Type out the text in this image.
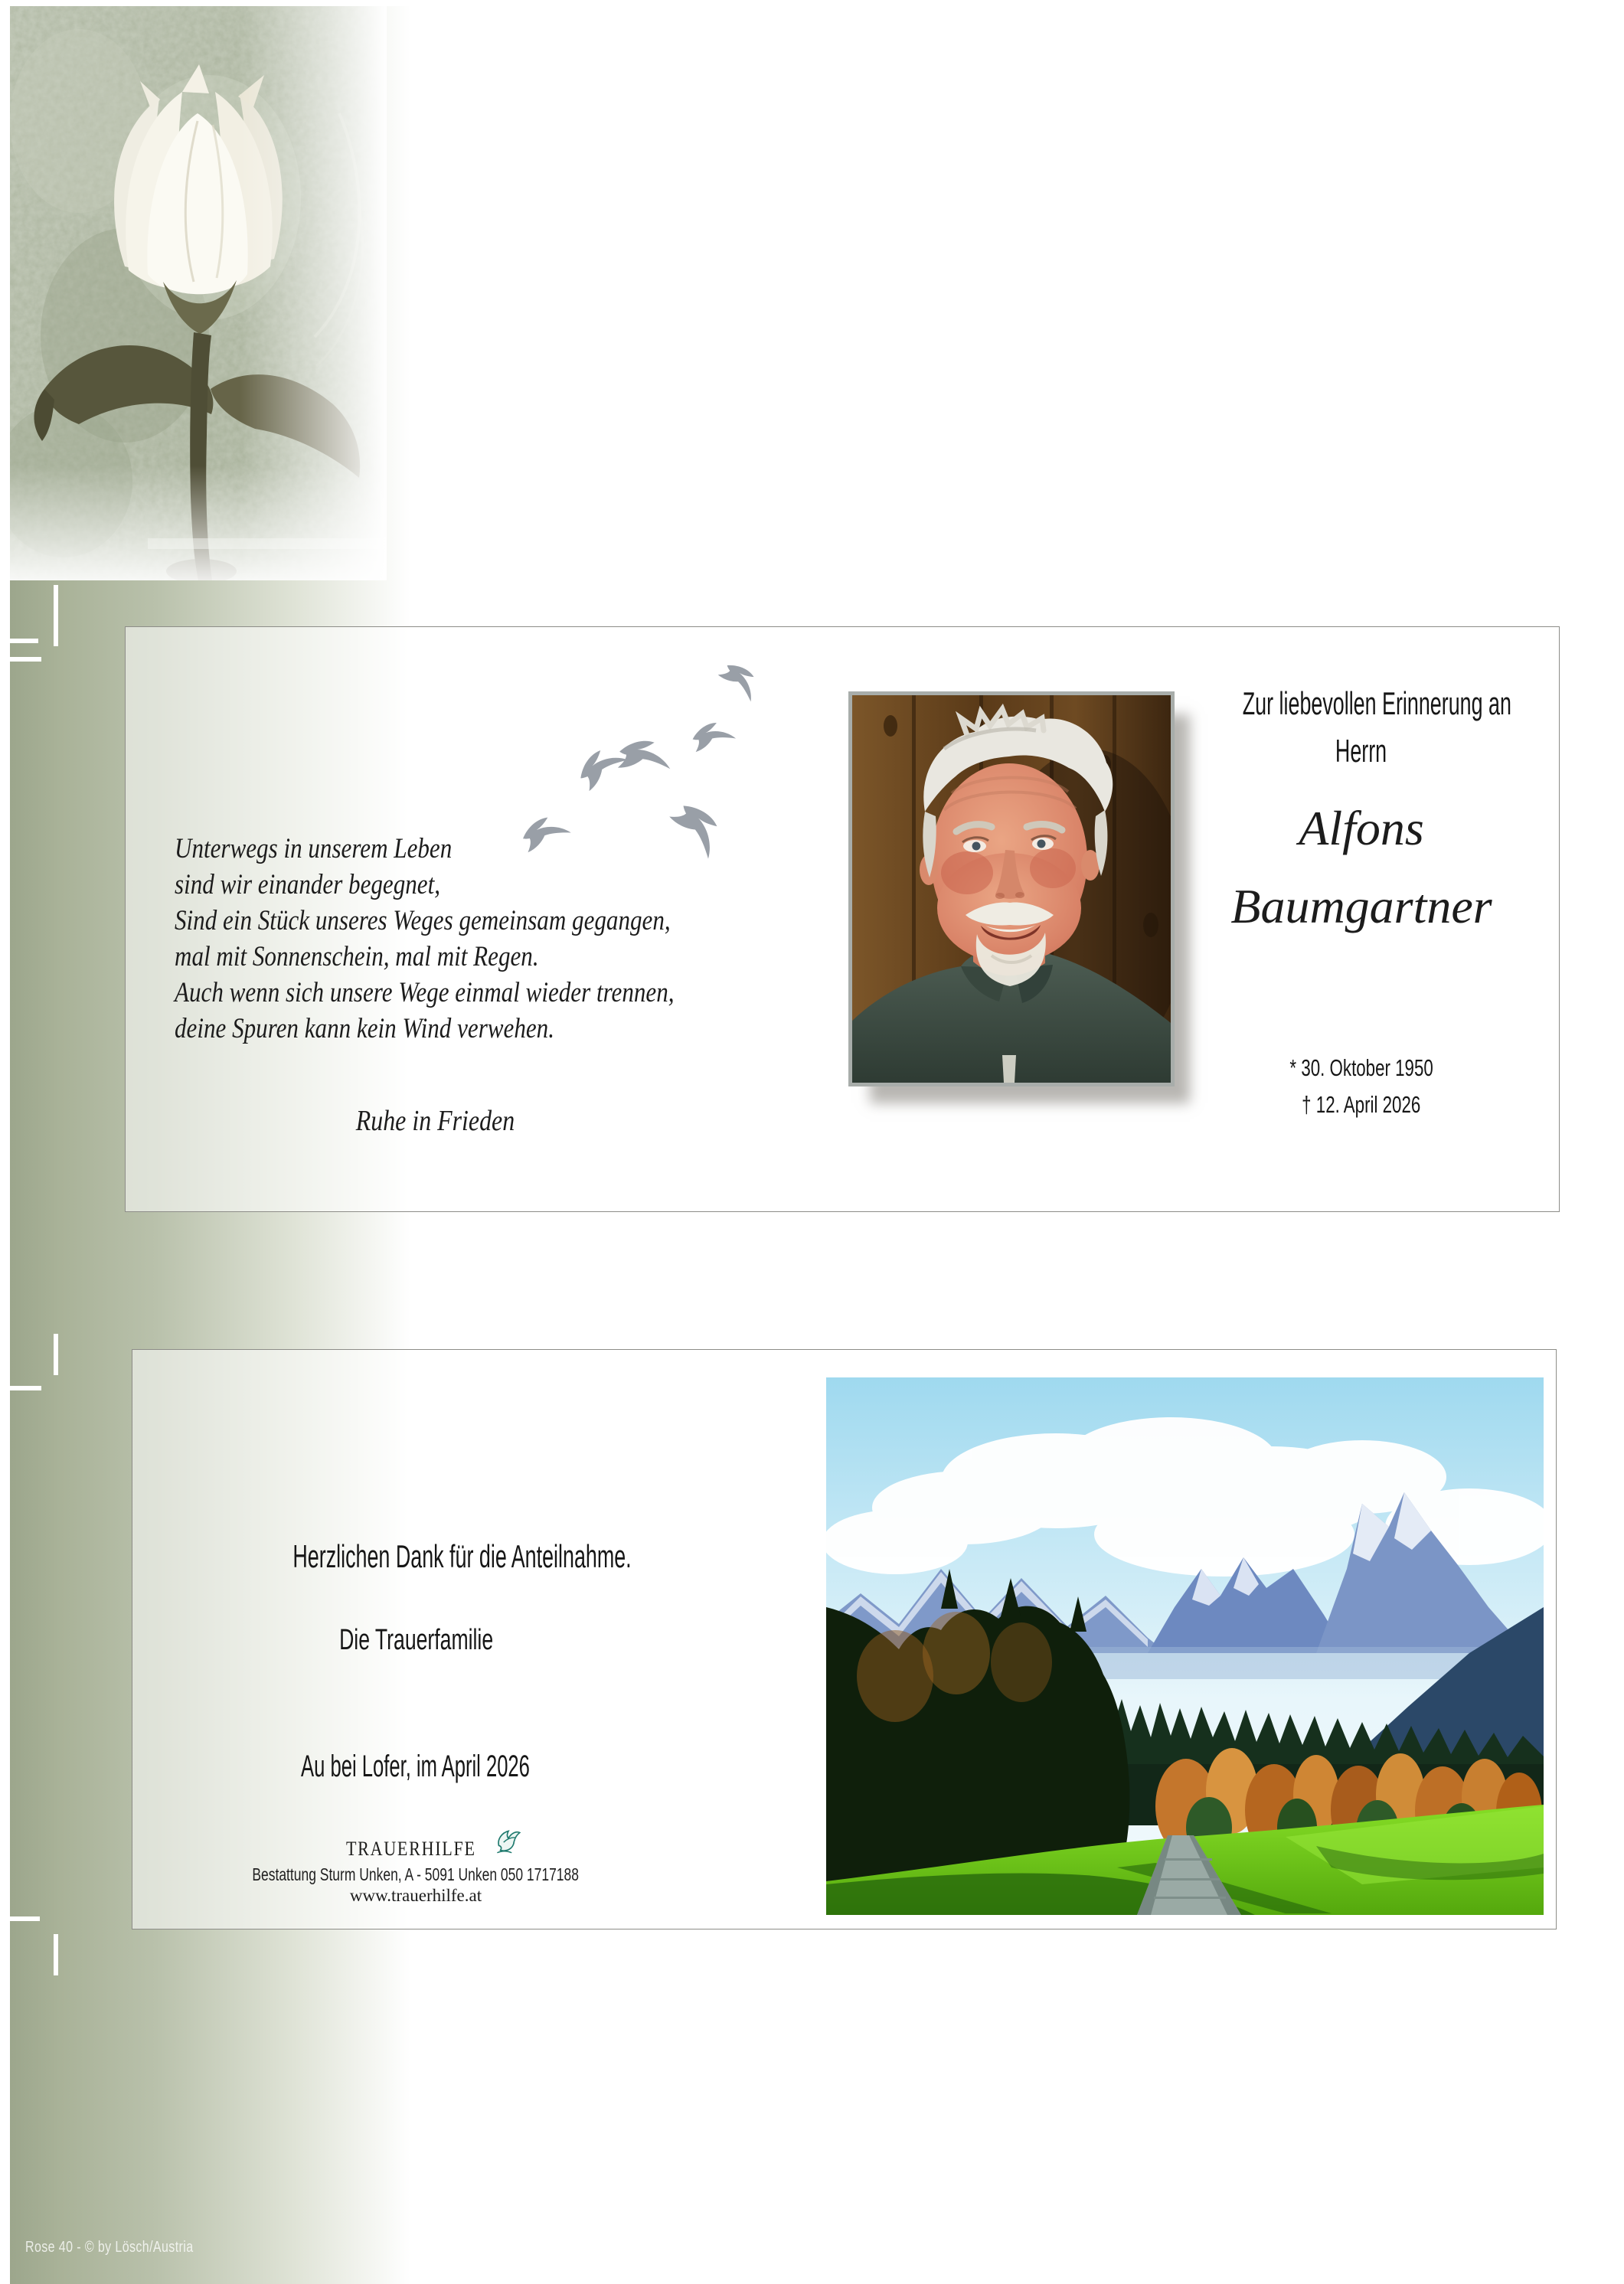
Unterwegs in unserem Leben
sind wir einander begegnet,
Sind ein Stück unseres Weges gemeinsam gegangen,
mal mit Sonnenschein, mal mit Regen.
Auch wenn sich unsere Wege einmal wieder trennen,
deine Spuren kann kein Wind verwehen.
Ruhe in Frieden
Zur liebevollen Erinnerung an
Herrn
Alfons
Baumgartner
* 30. Oktober 1950
† 12. April 2026
Herzlichen Dank für die Anteilnahme.
Die Trauerfamilie
Au bei Lofer, im April 2026
TRAUERHILFE
Bestattung Sturm Unken, A - 5091 Unken 050 1717188
www.trauerhilfe.at
Rose 40 - © by Lösch/Austria
